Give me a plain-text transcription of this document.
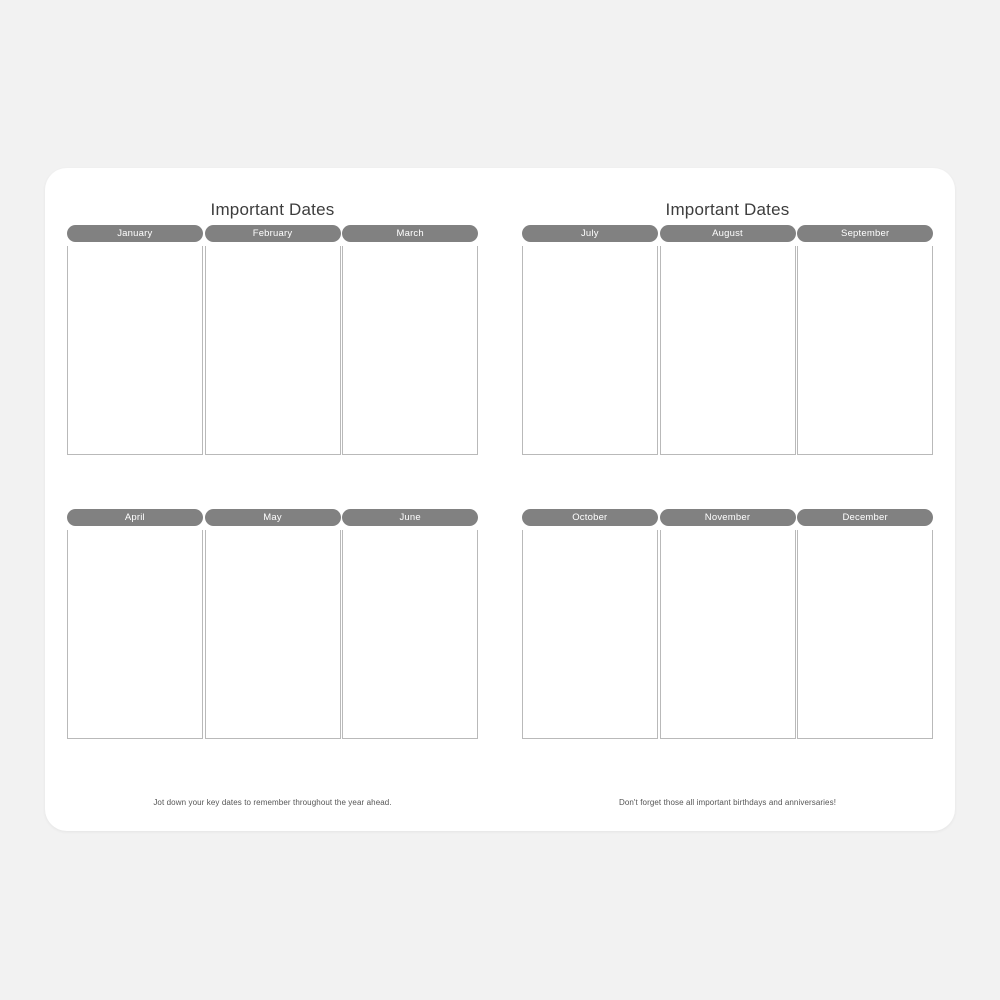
Important Dates
January	February	March
April	May	June
Jot down your key dates to remember throughout the year ahead.
Important Dates
July	August	September
October	November	December
Don't forget those all important birthdays and anniversaries!
